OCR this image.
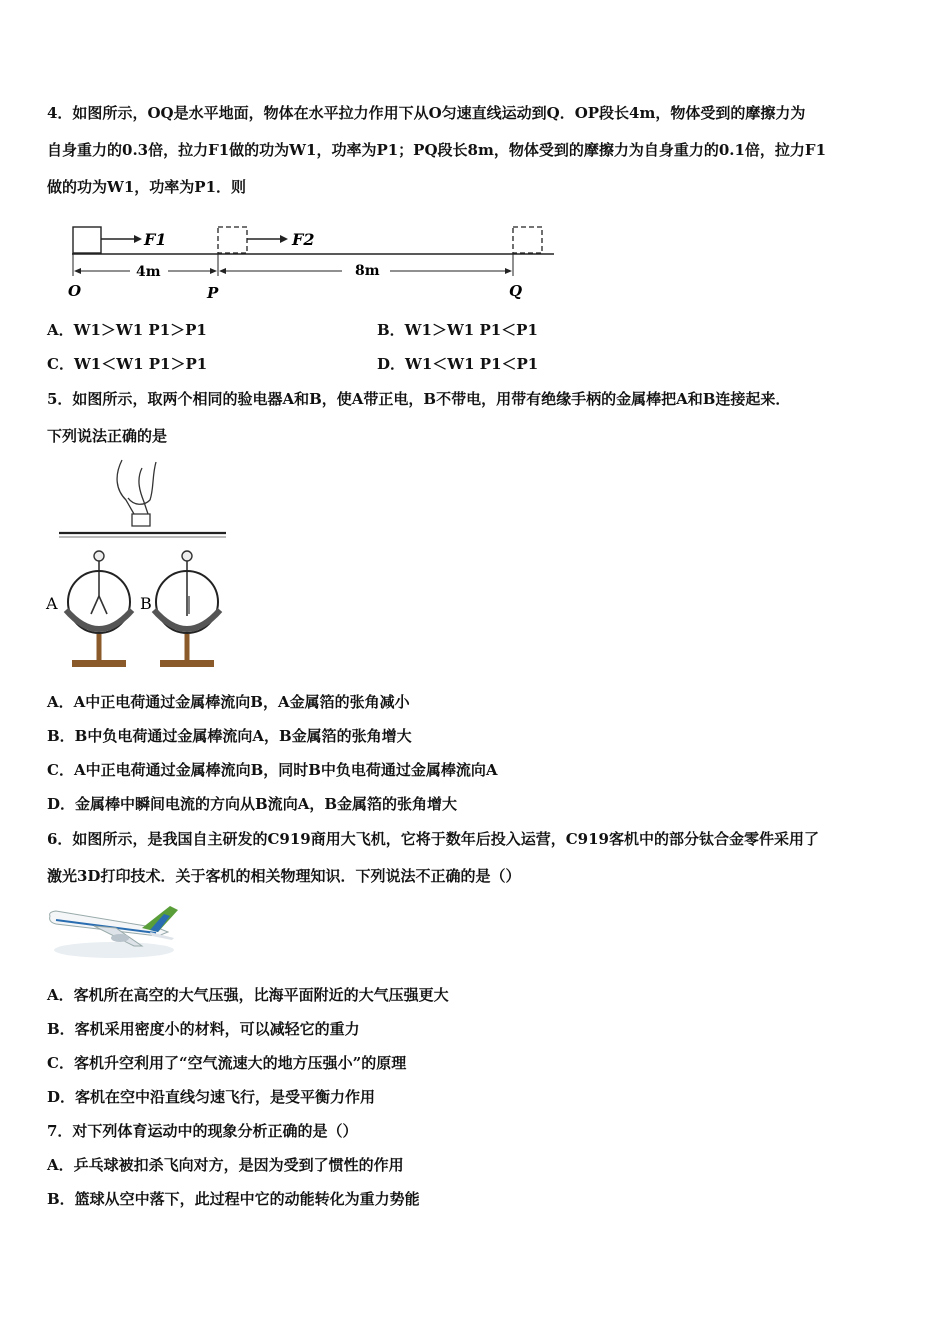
4．如图所示，OQ是水平地面，物体在水平拉力作用下从O匀速直线运动到Q．OP段长4m，物体受到的摩擦力为
自身重力的0.3倍，拉力F1做的功为W1，功率为P1；PQ段长8m，物体受到的摩擦力为自身重力的0.1倍，拉力F1
做的功为W1，功率为P1．则
F1	F2
4m	8m
O	P	Q
A．W1＞W1 P1＞P1	B．W1＞W1 P1＜P1
C．W1＜W1 P1＞P1	D．W1＜W1 P1＜P1
5．如图所示，取两个相同的验电器A和B，使A带正电，B不带电，用带有绝缘手柄的金属棒把A和B连接起来．
下列说法正确的是
A	B
A．A中正电荷通过金属棒流向B，A金属箔的张角减小
B．B中负电荷通过金属棒流向A，B金属箔的张角增大
C．A中正电荷通过金属棒流向B，同时B中负电荷通过金属棒流向A
D．金属棒中瞬间电流的方向从B流向A，B金属箔的张角增大
6．如图所示，是我国自主研发的C919商用大飞机，它将于数年后投入运营，C919客机中的部分钛合金零件采用了
激光3D打印技术．关于客机的相关物理知识．下列说法不正确的是（）
A．客机所在高空的大气压强，比海平面附近的大气压强更大
B．客机采用密度小的材料，可以减轻它的重力
C．客机升空利用了“空气流速大的地方压强小”的原理
D．客机在空中沿直线匀速飞行，是受平衡力作用
7．对下列体育运动中的现象分析正确的是（）
A．乒乓球被扣杀飞向对方，是因为受到了惯性的作用
B．篮球从空中落下，此过程中它的动能转化为重力势能
